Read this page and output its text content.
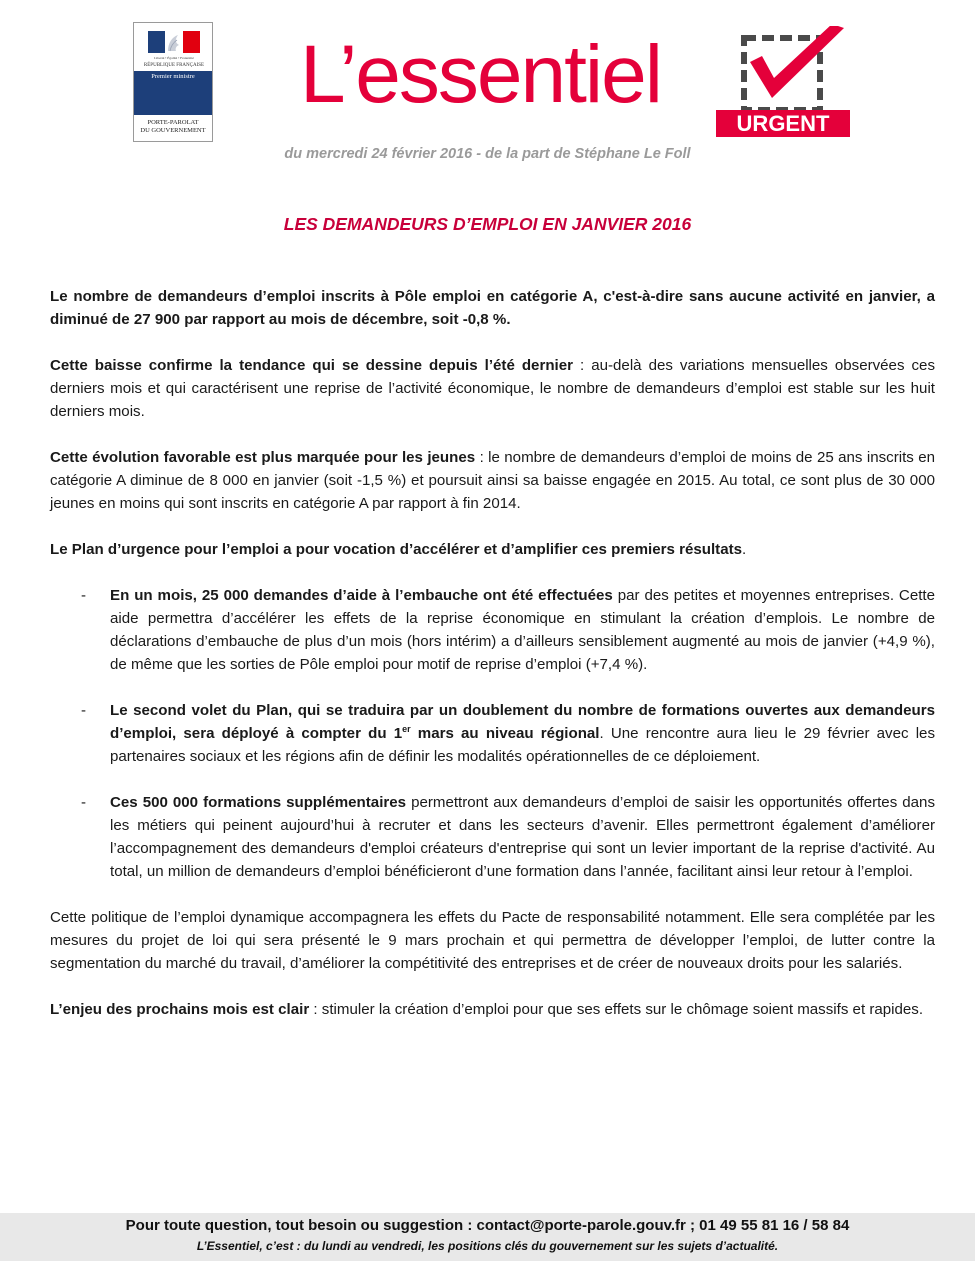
Liberté • Égalité • Fraternité
RÉPUBLIQUE FRANÇAISE
Premier ministre
PORTE-PAROLAT
DU GOUVERNEMENT
L’essentiel
URGENT
du mercredi 24 février 2016 - de la part de Stéphane Le Foll
LES DEMANDEURS D’EMPLOI EN JANVIER 2016

Le nombre de demandeurs d’emploi inscrits à Pôle emploi en catégorie A, c'est-à-dire sans aucune activité en janvier, a diminué de 27 900 par rapport au mois de décembre, soit -0,8 %.

Cette baisse confirme la tendance qui se dessine depuis l’été dernier : au-delà des variations mensuelles observées ces derniers mois et qui caractérisent une reprise de l’activité économique, le nombre de demandeurs d’emploi est stable sur les huit derniers mois.

Cette évolution favorable est plus marquée pour les jeunes : le nombre de demandeurs d’emploi de moins de 25 ans inscrits en catégorie A diminue de 8 000 en janvier (soit -1,5 %) et poursuit ainsi sa baisse engagée en 2015. Au total, ce sont plus de 30 000 jeunes en moins qui sont inscrits en catégorie A par rapport à fin 2014.

Le Plan d’urgence pour l’emploi a pour vocation d’accélérer et d’amplifier ces premiers résultats.

- En un mois, 25 000 demandes d’aide à l’embauche ont été effectuées par des petites et moyennes entreprises. Cette aide permettra d’accélérer les effets de la reprise économique en stimulant la création d’emplois. Le nombre de déclarations d’embauche de plus d’un mois (hors intérim) a d’ailleurs sensiblement augmenté au mois de janvier (+4,9 %), de même que les sorties de Pôle emploi pour motif de reprise d’emploi (+7,4 %).

- Le second volet du Plan, qui se traduira par un doublement du nombre de formations ouvertes aux demandeurs d’emploi, sera déployé à compter du 1er mars au niveau régional. Une rencontre aura lieu le 29 février avec les partenaires sociaux et les régions afin de définir les modalités opérationnelles de ce déploiement.

- Ces 500 000 formations supplémentaires permettront aux demandeurs d’emploi de saisir les opportunités offertes dans les métiers qui peinent aujourd’hui à recruter et dans les secteurs d’avenir. Elles permettront également d’améliorer l’accompagnement des demandeurs d'emploi créateurs d'entreprise qui sont un levier important de la reprise d'activité. Au total, un million de demandeurs d’emploi bénéficieront d’une formation dans l’année, facilitant ainsi leur retour à l’emploi.

Cette politique de l’emploi dynamique accompagnera les effets du Pacte de responsabilité notamment. Elle sera complétée par les mesures du projet de loi qui sera présenté le 9 mars prochain et qui permettra de développer l’emploi, de lutter contre la segmentation du marché du travail, d’améliorer la compétitivité des entreprises et de créer de nouveaux droits pour les salariés.

L’enjeu des prochains mois est clair : stimuler la création d’emploi pour que ses effets sur le chômage soient massifs et rapides.

Pour toute question, tout besoin ou suggestion : contact@porte-parole.gouv.fr ; 01 49 55 81 16 / 58 84
L’Essentiel, c’est : du lundi au vendredi, les positions clés du gouvernement sur les sujets d’actualité.
